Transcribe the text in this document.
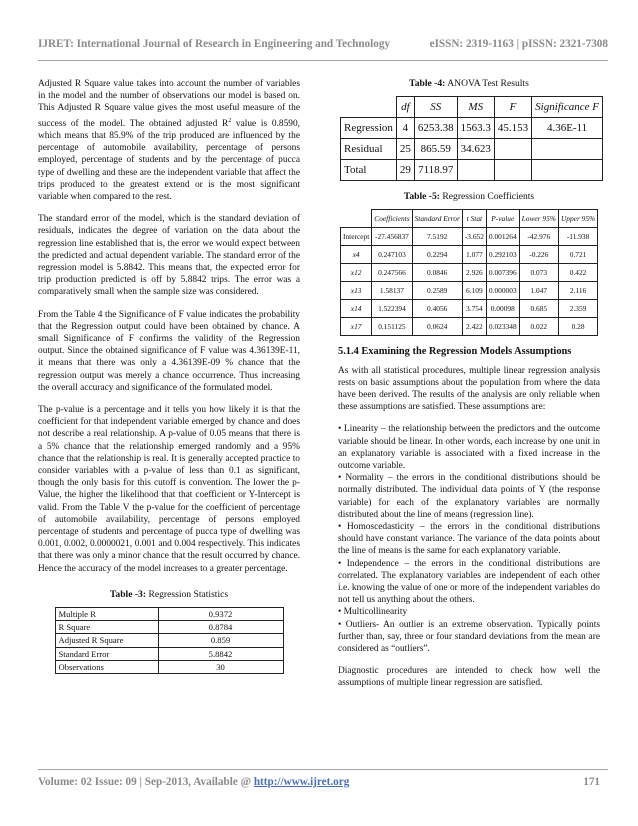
IJRET: International Journal of Research in Engineering and Technology	eISSN: 2319-1163 | pISSN: 2321-7308

Adjusted R Square value takes into account the number of variables in the model and the number of observations our model is based on. This Adjusted R Square value gives the most useful measure of the success of the model. The obtained adjusted $R^2$ value is 0.8590, which means that 85.9% of the trip produced are influenced by the percentage of automobile availability, percentage of persons employed, percentage of students and by the percentage of pucca type of dwelling and these are the independent variable that affect the trips produced to the greatest extend or is the most significant variable when compared to the rest.

The standard error of the model, which is the standard deviation of residuals, indicates the degree of variation on the data about the regression line established that is, the error we would expect between the predicted and actual dependent variable. The standard error of the regression model is 5.8842. This means that, the expected error for trip production predicted is off by 5.8842 trips. The error was a comparatively small when the sample size was considered.

From the Table 4 the Significance of F value indicates the probability that the Regression output could have been obtained by chance. A small Significance of F confirms the validity of the Regression output. Since the obtained significance of F value was 4.36139E-11, it means that there was only a 4.36139E-09 % chance that the regression output was merely a chance occurrence. Thus increasing the overall accuracy and significance of the formulated model.

The p-value is a percentage and it tells you how likely it is that the coefficient for that independent variable emerged by chance and does not describe a real relationship. A p-value of 0.05 means that there is a 5% chance that the relationship emerged randomly and a 95% chance that the relationship is real. It is generally accepted practice to consider variables with a p-value of less than 0.1 as significant, though the only basis for this cutoff is convention. The lower the p-Value, the higher the likelihood that that coefficient or Y-Intercept is valid. From the Table V the p-value for the coefficient of percentage of automobile availability, percentage of persons employed percentage of students and percentage of pucca type of dwelling was 0.001, 0.002, 0.0000021, 0.001 and 0.004 respectively. This indicates that there was only a minor chance that the result occurred by chance. Hence the accuracy of the model increases to a greater percentage.

Table -3: Regression Statistics
Multiple R	0.9372
R Square	0.8784
Adjusted R Square	0.859
Standard Error	5.8842
Observations	30
Table -4: ANOVA Test Results
	df	SS	MS	F	Significance F
Regression	4	6253.38	1563.3	45.153	4.36E-11
Residual	25	865.59	34.623		
Total	29	7118.97			
Table -5: Regression Coefficients
	Coefficients	Standard Error	t Stat	P-value	Lower 95%	Upper 95%
Intercept	-27.456837	7.5192	-3.652	0.001264	-42.976	-11.938
x4	0.247103	0.2294	1.077	0.292103	-0.226	0.721
x12	0.247566	0.0846	2.926	0.007396	0.073	0.422
x13	1.58137	0.2589	6.109	0.000003	1.047	2.116
x14	1.522394	0.4056	3.754	0.00098	0.685	2.359
x17	0.151125	0.0624	2.422	0.023348	0.022	0.28
5.1.4 Examining the Regression Models Assumptions

As with all statistical procedures, multiple linear regression analysis rests on basic assumptions about the population from where the data have been derived. The results of the analysis are only reliable when these assumptions are satisfied. These assumptions are:

• Linearity – the relationship between the predictors and the outcome variable should be linear. In other words, each increase by one unit in an explanatory variable is associated with a fixed increase in the outcome variable.

• Normality – the errors in the conditional distributions should be normally distributed. The individual data points of Y (the response variable) for each of the explanatory variables are normally distributed about the line of means (regression line).

• Homoscedasticity – the errors in the conditional distributions should have constant variance. The variance of the data points about the line of means is the same for each explanatory variable.

• Independence – the errors in the conditional distributions are correlated. The explanatory variables are independent of each other i.e. knowing the value of one or more of the independent variables do not tell us anything about the others.

• Multicollinearity

• Outliers- An outlier is an extreme observation. Typically points further than, say, three or four standard deviations from the mean are considered as “outliers”.

Diagnostic procedures are intended to check how well the assumptions of multiple linear regression are satisfied.

Volume: 02 Issue: 09 | Sep-2013, Available @ http://www.ijret.org	171
